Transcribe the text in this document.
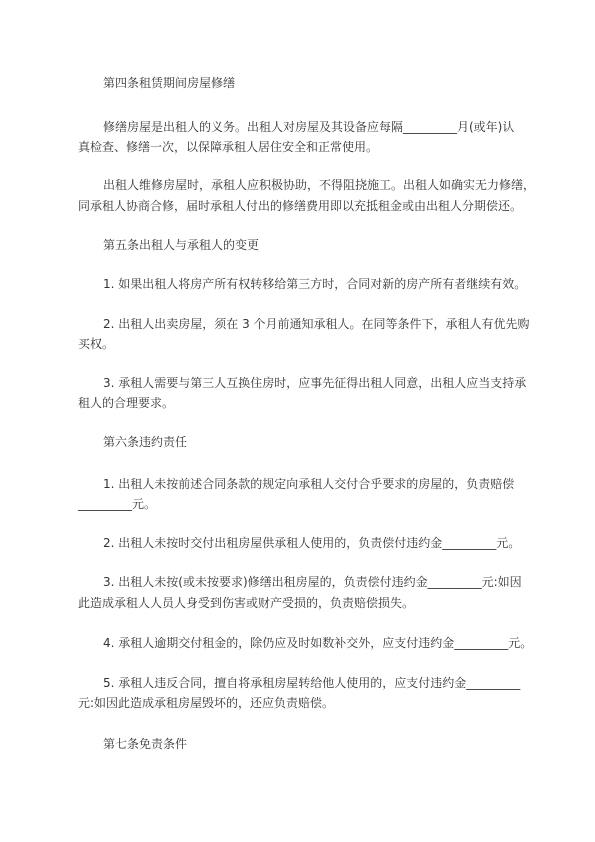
第四条租赁期间房屋修缮
修缮房屋是出租人的义务。出租人对房屋及其设备应每隔_________月(或年)认
真检查、修缮一次，以保障承租人居住安全和正常使用。
出租人维修房屋时，承租人应积极协助，不得阻挠施工。出租人如确实无力修缮，
同承租人协商合修，届时承租人付出的修缮费用即以充抵租金或由出租人分期偿还。
第五条出租人与承租人的变更
1. 如果出租人将房产所有权转移给第三方时，合同对新的房产所有者继续有效。
2. 出租人出卖房屋，须在 3 个月前通知承租人。在同等条件下，承租人有优先购
买权。
3. 承租人需要与第三人互换住房时，应事先征得出租人同意，出租人应当支持承
租人的合理要求。
第六条违约责任
1. 出租人未按前述合同条款的规定向承租人交付合乎要求的房屋的，负责赔偿
_________元。
2. 出租人未按时交付出租房屋供承租人使用的，负责偿付违约金_________元。
3. 出租人未按(或未按要求)修缮出租房屋的，负责偿付违约金_________元:如因
此造成承租人人员人身受到伤害或财产受损的，负责赔偿损失。
4. 承租人逾期交付租金的，除仍应及时如数补交外，应支付违约金_________元。
5. 承租人违反合同，擅自将承租房屋转给他人使用的，应支付违约金_________
元:如因此造成承租房屋毁坏的，还应负责赔偿。
第七条免责条件
